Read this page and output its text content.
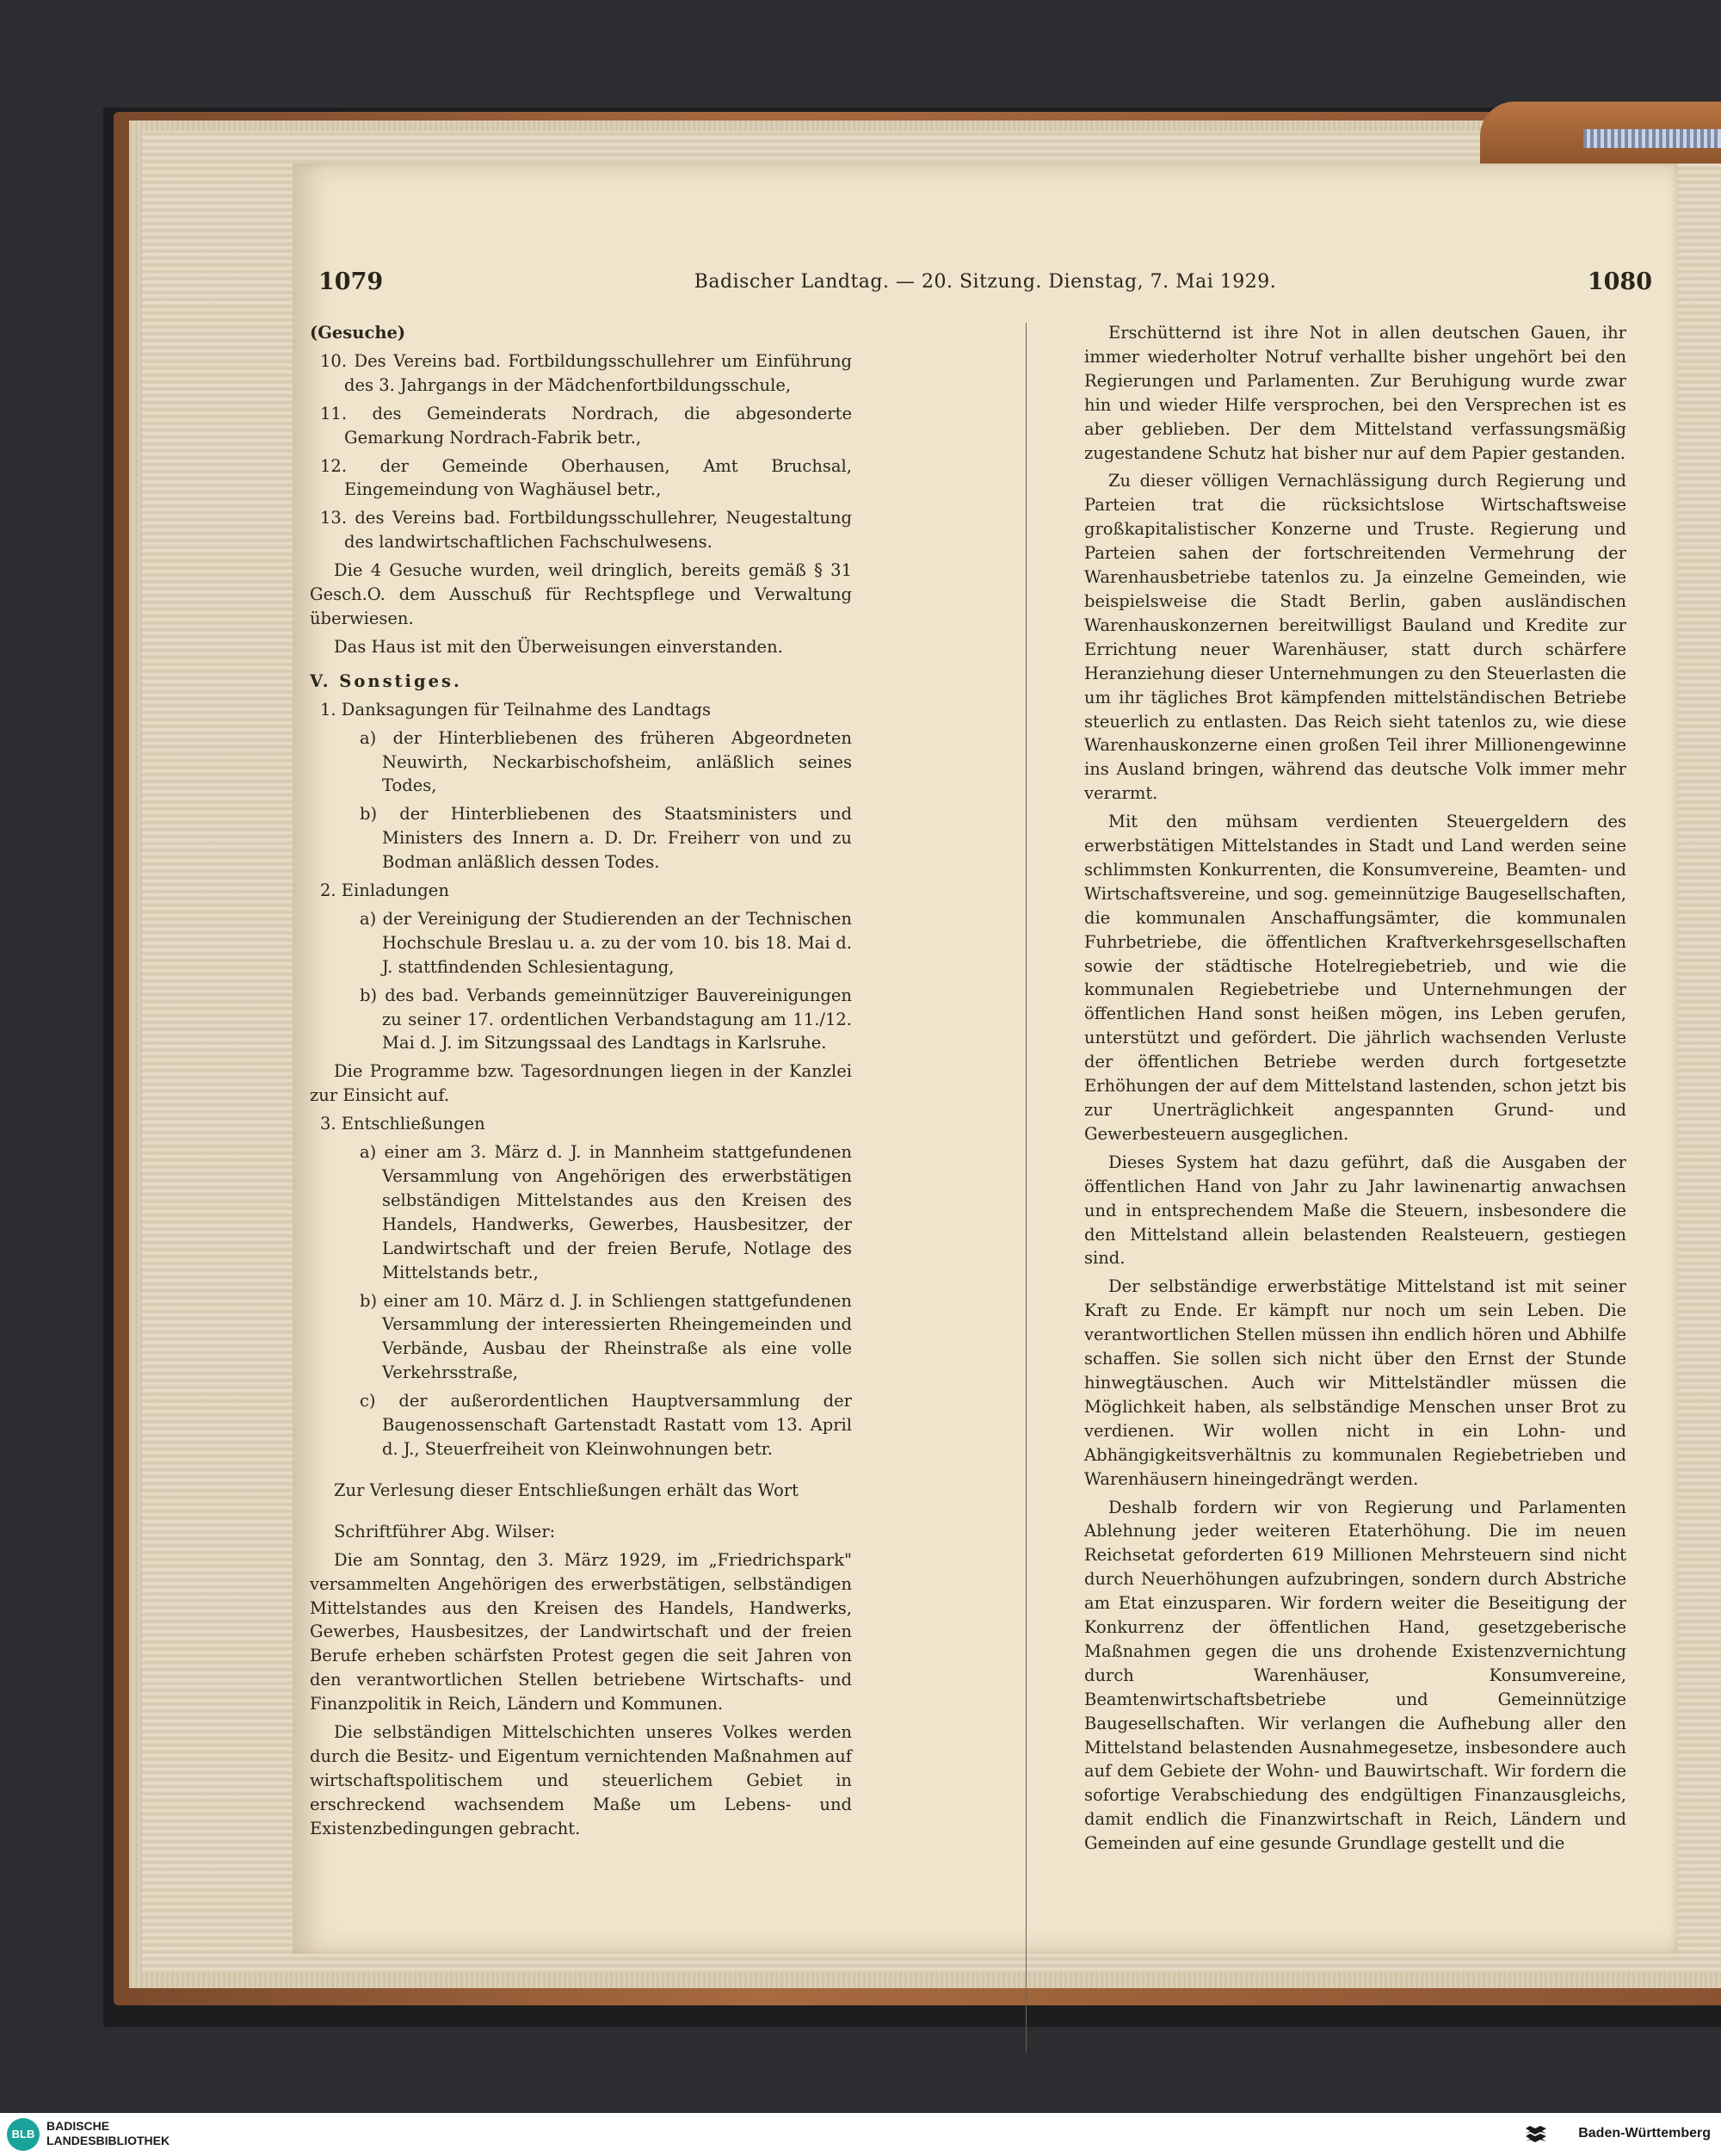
1079	Badischer Landtag. — 20. Sitzung. Dienstag, 7. Mai 1929.	1080

(Gesuche)

10. Des Vereins bad. Fortbildungsschullehrer um Einführung des 3. Jahrgangs in der Mädchenfortbildungsschule,

11. des Gemeinderats Nordrach, die abgesonderte Gemarkung Nordrach-Fabrik betr.,

12. der Gemeinde Oberhausen, Amt Bruchsal, Eingemeindung von Waghäusel betr.,

13. des Vereins bad. Fortbildungsschullehrer, Neugestaltung des landwirtschaftlichen Fachschulwesens.

Die 4 Gesuche wurden, weil dringlich, bereits gemäß § 31 Gesch.O. dem Ausschuß für Rechtspflege und Verwaltung überwiesen.

Das Haus ist mit den Überweisungen einverstanden.

V. Sonstiges.

1. Danksagungen für Teilnahme des Landtags

a) der Hinterbliebenen des früheren Abgeordneten Neuwirth, Neckarbischofsheim, anläßlich seines Todes,

b) der Hinterbliebenen des Staatsministers und Ministers des Innern a. D. Dr. Freiherr von und zu Bodman anläßlich dessen Todes.

2. Einladungen

a) der Vereinigung der Studierenden an der Technischen Hochschule Breslau u. a. zu der vom 10. bis 18. Mai d. J. stattfindenden Schlesientagung,

b) des bad. Verbands gemeinnütziger Bauvereinigungen zu seiner 17. ordentlichen Verbandstagung am 11./12. Mai d. J. im Sitzungssaal des Landtags in Karlsruhe.

Die Programme bzw. Tagesordnungen liegen in der Kanzlei zur Einsicht auf.

3. Entschließungen

a) einer am 3. März d. J. in Mannheim stattgefundenen Versammlung von Angehörigen des erwerbstätigen selbständigen Mittelstandes aus den Kreisen des Handels, Handwerks, Gewerbes, Hausbesitzer, der Landwirtschaft und der freien Berufe, Notlage des Mittelstands betr.,

b) einer am 10. März d. J. in Schliengen stattgefundenen Versammlung der interessierten Rheingemeinden und Verbände, Ausbau der Rheinstraße als eine volle Verkehrsstraße,

c) der außerordentlichen Hauptversammlung der Baugenossenschaft Gartenstadt Rastatt vom 13. April d. J., Steuerfreiheit von Kleinwohnungen betr.

Zur Verlesung dieser Entschließungen erhält das Wort

Schriftführer Abg. Wilser:

Die am Sonntag, den 3. März 1929, im „Friedrichspark" versammelten Angehörigen des erwerbstätigen, selbständigen Mittelstandes aus den Kreisen des Handels, Handwerks, Gewerbes, Hausbesitzes, der Landwirtschaft und der freien Berufe erheben schärfsten Protest gegen die seit Jahren von den verantwortlichen Stellen betriebene Wirtschafts- und Finanzpolitik in Reich, Ländern und Kommunen.

Die selbständigen Mittelschichten unseres Volkes werden durch die Besitz- und Eigentum vernichtenden Maßnahmen auf wirtschaftspolitischem und steuerlichem Gebiet in erschreckend wachsendem Maße um Lebens- und Existenzbedingungen gebracht.

Erschütternd ist ihre Not in allen deutschen Gauen, ihr immer wiederholter Notruf verhallte bisher ungehört bei den Regierungen und Parlamenten. Zur Beruhigung wurde zwar hin und wieder Hilfe versprochen, bei den Versprechen ist es aber geblieben. Der dem Mittelstand verfassungsmäßig zugestandene Schutz hat bisher nur auf dem Papier gestanden.

Zu dieser völligen Vernachlässigung durch Regierung und Parteien trat die rücksichtslose Wirtschaftsweise großkapitalistischer Konzerne und Truste. Regierung und Parteien sahen der fortschreitenden Vermehrung der Warenhausbetriebe tatenlos zu. Ja einzelne Gemeinden, wie beispielsweise die Stadt Berlin, gaben ausländischen Warenhauskonzernen bereitwilligst Bauland und Kredite zur Errichtung neuer Warenhäuser, statt durch schärfere Heranziehung dieser Unternehmungen zu den Steuerlasten die um ihr tägliches Brot kämpfenden mittelständischen Betriebe steuerlich zu entlasten. Das Reich sieht tatenlos zu, wie diese Warenhauskonzerne einen großen Teil ihrer Millionengewinne ins Ausland bringen, während das deutsche Volk immer mehr verarmt.

Mit den mühsam verdienten Steuergeldern des erwerbstätigen Mittelstandes in Stadt und Land werden seine schlimmsten Konkurrenten, die Konsumvereine, Beamten- und Wirtschaftsvereine, und sog. gemeinnützige Baugesellschaften, die kommunalen Anschaffungsämter, die kommunalen Fuhrbetriebe, die öffentlichen Kraftverkehrsgesellschaften sowie der städtische Hotelregiebetrieb, und wie die kommunalen Regiebetriebe und Unternehmungen der öffentlichen Hand sonst heißen mögen, ins Leben gerufen, unterstützt und gefördert. Die jährlich wachsenden Verluste der öffentlichen Betriebe werden durch fortgesetzte Erhöhungen der auf dem Mittelstand lastenden, schon jetzt bis zur Unerträglichkeit angespannten Grund- und Gewerbesteuern ausgeglichen.

Dieses System hat dazu geführt, daß die Ausgaben der öffentlichen Hand von Jahr zu Jahr lawinenartig anwachsen und in entsprechendem Maße die Steuern, insbesondere die den Mittelstand allein belastenden Realsteuern, gestiegen sind.

Der selbständige erwerbstätige Mittelstand ist mit seiner Kraft zu Ende. Er kämpft nur noch um sein Leben. Die verantwortlichen Stellen müssen ihn endlich hören und Abhilfe schaffen. Sie sollen sich nicht über den Ernst der Stunde hinwegtäuschen. Auch wir Mittelständler müssen die Möglichkeit haben, als selbständige Menschen unser Brot zu verdienen. Wir wollen nicht in ein Lohn- und Abhängigkeitsverhältnis zu kommunalen Regiebetrieben und Warenhäusern hineingedrängt werden.

Deshalb fordern wir von Regierung und Parlamenten Ablehnung jeder weiteren Etaterhöhung. Die im neuen Reichsetat geforderten 619 Millionen Mehrsteuern sind nicht durch Neuerhöhungen aufzubringen, sondern durch Abstriche am Etat einzusparen. Wir fordern weiter die Beseitigung der Konkurrenz der öffentlichen Hand, gesetzgeberische Maßnahmen gegen die uns drohende Existenzvernichtung durch Warenhäuser, Konsumvereine, Beamtenwirtschaftsbetriebe und Gemeinnützige Baugesellschaften. Wir verlangen die Aufhebung aller den Mittelstand belastenden Ausnahmegesetze, insbesondere auch auf dem Gebiete der Wohn- und Bauwirtschaft. Wir fordern die sofortige Verabschiedung des endgültigen Finanzausgleichs, damit endlich die Finanzwirtschaft in Reich, Ländern und Gemeinden auf eine gesunde Grundlage gestellt und die

BLB
BADISCHE
LANDESBIBLIOTHEK	Baden-Württemberg
